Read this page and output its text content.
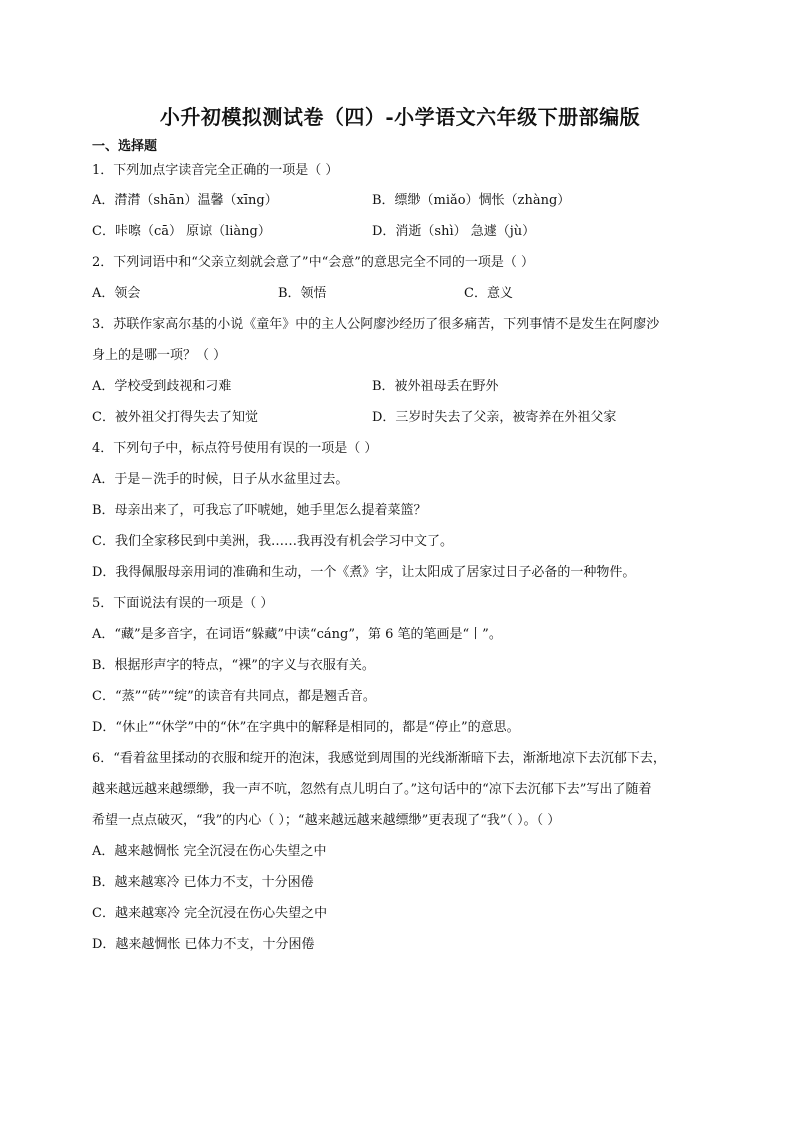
小升初模拟测试卷（四）-小学语文六年级下册部编版
一、选择题
1．下列加点字读音完全正确的一项是（ ）
A．潸潸（shān）温馨（xīng）	B．缥缈（miǎo）惆怅（zhàng）
C．咔嚓（cā） 原谅（liàng）	D．消逝（shì） 急遽（jù）
2．下列词语中和“父亲立刻就会意了”中“会意”的意思完全不同的一项是（ ）
A．领会	B．领悟	C．意义
3．苏联作家高尔基的小说《童年》中的主人公阿廖沙经历了很多痛苦，下列事情不是发生在阿廖沙
身上的是哪一项？（ ）
A．学校受到歧视和刁难	B．被外祖母丢在野外
C．被外祖父打得失去了知觉	D．三岁时失去了父亲，被寄养在外祖父家
4．下列句子中，标点符号使用有误的一项是（ ）
A．于是－洗手的时候，日子从水盆里过去。
B．母亲出来了，可我忘了吓唬她，她手里怎么提着菜篮？
C．我们全家移民到中美洲，我……我再没有机会学习中文了。
D．我得佩服母亲用词的准确和生动，一个《煮》字，让太阳成了居家过日子必备的一种物件。
5．下面说法有误的一项是（ ）
A．“藏”是多音字，在词语“躲藏”中读“cáng”，第 6 笔的笔画是“丨”。
B．根据形声字的特点，“裸”的字义与衣服有关。
C．“蒸”“砖”“绽”的读音有共同点，都是翘舌音。
D．“休止”“休学”中的“休”在字典中的解释是相同的，都是“停止”的意思。
6．“看着盆里揉动的衣服和绽开的泡沫，我感觉到周围的光线渐渐暗下去，渐渐地凉下去沉郁下去，
越来越远越来越缥缈，我一声不吭，忽然有点儿明白了。”这句话中的“凉下去沉郁下去”写出了随着
希望一点点破灭，“我”的内心（ ）；“越来越远越来越缥缈”更表现了“我”（ ）。（ ）
A．越来越惆怅 完全沉浸在伤心失望之中
B．越来越寒冷 已体力不支，十分困倦
C．越来越寒冷 完全沉浸在伤心失望之中
D．越来越惆怅 已体力不支，十分困倦
